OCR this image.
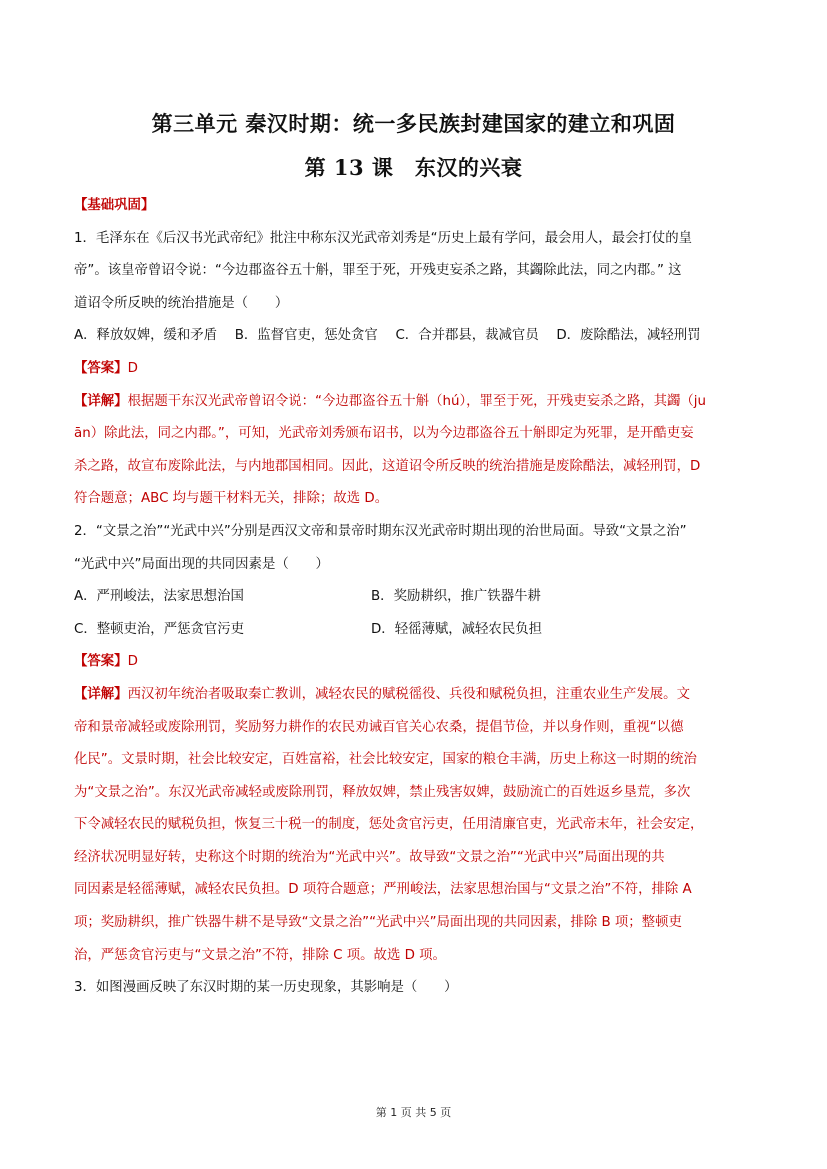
第三单元 秦汉时期：统一多民族封建国家的建立和巩固
第 13 课　东汉的兴衰
【基础巩固】
1．毛泽东在《后汉书光武帝纪》批注中称东汉光武帝刘秀是“历史上最有学问，最会用人，最会打仗的皇
帝”。该皇帝曾诏令说：“今边郡盗谷五十斛，罪至于死，开残吏妄杀之路，其蠲除此法，同之内郡。” 这
道诏令所反映的统治措施是（　　）
A．释放奴婢，缓和矛盾　 B．监督官吏，惩处贪官　 C．合并郡县，裁减官员　 D．废除酷法，减轻刑罚
【答案】D
【详解】根据题干东汉光武帝曾诏令说：“今边郡盗谷五十斛（hú），罪至于死，开残吏妄杀之路，其蠲（ju
ān）除此法，同之内郡。”，可知，光武帝刘秀颁布诏书，以为今边郡盗谷五十斛即定为死罪，是开酷吏妄
杀之路，故宣布废除此法，与内地郡国相同。因此，这道诏令所反映的统治措施是废除酷法，减轻刑罚，D
符合题意；ABC 均与题干材料无关，排除；故选 D。
2．“文景之治”“光武中兴”分别是西汉文帝和景帝时期东汉光武帝时期出现的治世局面。导致“文景之治”
“光武中兴”局面出现的共同因素是（　　）
A．严刑峻法，法家思想治国	B．奖励耕织，推广铁器牛耕
C．整顿吏治，严惩贪官污吏	D．轻徭薄赋，减轻农民负担
【答案】D
【详解】西汉初年统治者吸取秦亡教训，减轻农民的赋税徭役、兵役和赋税负担，注重农业生产发展。文
帝和景帝减轻或废除刑罚，奖励努力耕作的农民劝诫百官关心农桑，提倡节俭，并以身作则，重视“以德
化民”。文景时期，社会比较安定，百姓富裕，社会比较安定，国家的粮仓丰满，历史上称这一时期的统治
为“文景之治”。东汉光武帝减轻或废除刑罚，释放奴婢，禁止残害奴婢，鼓励流亡的百姓返乡垦荒，多次
下令减轻农民的赋税负担，恢复三十税一的制度，惩处贪官污吏，任用清廉官吏，光武帝末年，社会安定，
经济状况明显好转，史称这个时期的统治为“光武中兴”。故导致“文景之治”“光武中兴”局面出现的共
同因素是轻徭薄赋，减轻农民负担。D 项符合题意；严刑峻法，法家思想治国与“文景之治”不符，排除 A
项；奖励耕织，推广铁器牛耕不是导致“文景之治”“光武中兴”局面出现的共同因素，排除 B 项；整顿吏
治，严惩贪官污吏与“文景之治”不符，排除 C 项。故选 D 项。
3．如图漫画反映了东汉时期的某一历史现象，其影响是（　　）
第 1 页 共 5 页
